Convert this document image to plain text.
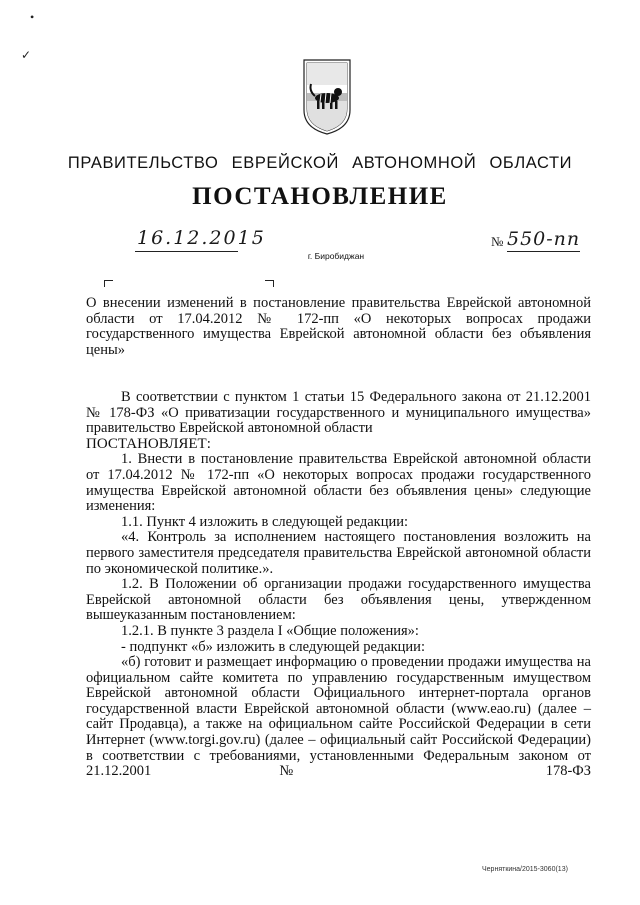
•
✓
ПРАВИТЕЛЬСТВО ЕВРЕЙСКОЙ АВТОНОМНОЙ ОБЛАСТИ
ПОСТАНОВЛЕНИЕ
16.12.2015	№ 550-пп
г. Биробиджан

О внесении изменений в постановление правительства Еврейской автономной области от 17.04.2012 № 172-пп «О некоторых вопросах продажи государственного имущества Еврейской автономной области без объявления цены»

В соответствии с пунктом 1 статьи 15 Федерального закона от 21.12.2001 № 178-ФЗ «О приватизации государственного и муниципального имущества» правительство Еврейской автономной области

ПОСТАНОВЛЯЕТ:

1. Внести в постановление правительства Еврейской автономной области от 17.04.2012 № 172-пп «О некоторых вопросах продажи государственного имущества Еврейской автономной области без объявления цены» следующие изменения:

1.1. Пункт 4 изложить в следующей редакции:

«4. Контроль за исполнением настоящего постановления возложить на первого заместителя председателя правительства Еврейской автономной области по экономической политике.».

1.2. В Положении об организации продажи государственного имущества Еврейской автономной области без объявления цены, утвержденном вышеуказанным постановлением:

1.2.1. В пункте 3 раздела I «Общие положения»:

- подпункт «б» изложить в следующей редакции:

«б) готовит и размещает информацию о проведении продажи имущества на официальном сайте комитета по управлению государственным имуществом Еврейской автономной области Официального интернет-портала органов государственной власти Еврейской автономной области (www.eao.ru) (далее – сайт Продавца), а также на официальном сайте Российской Федерации в сети Интернет (www.torgi.gov.ru) (далее – официальный сайт Российской Федерации) в соответствии с требованиями, установленными Федеральным законом от 21.12.2001 № 178-ФЗ

Черняткина/2015-3060(13)
